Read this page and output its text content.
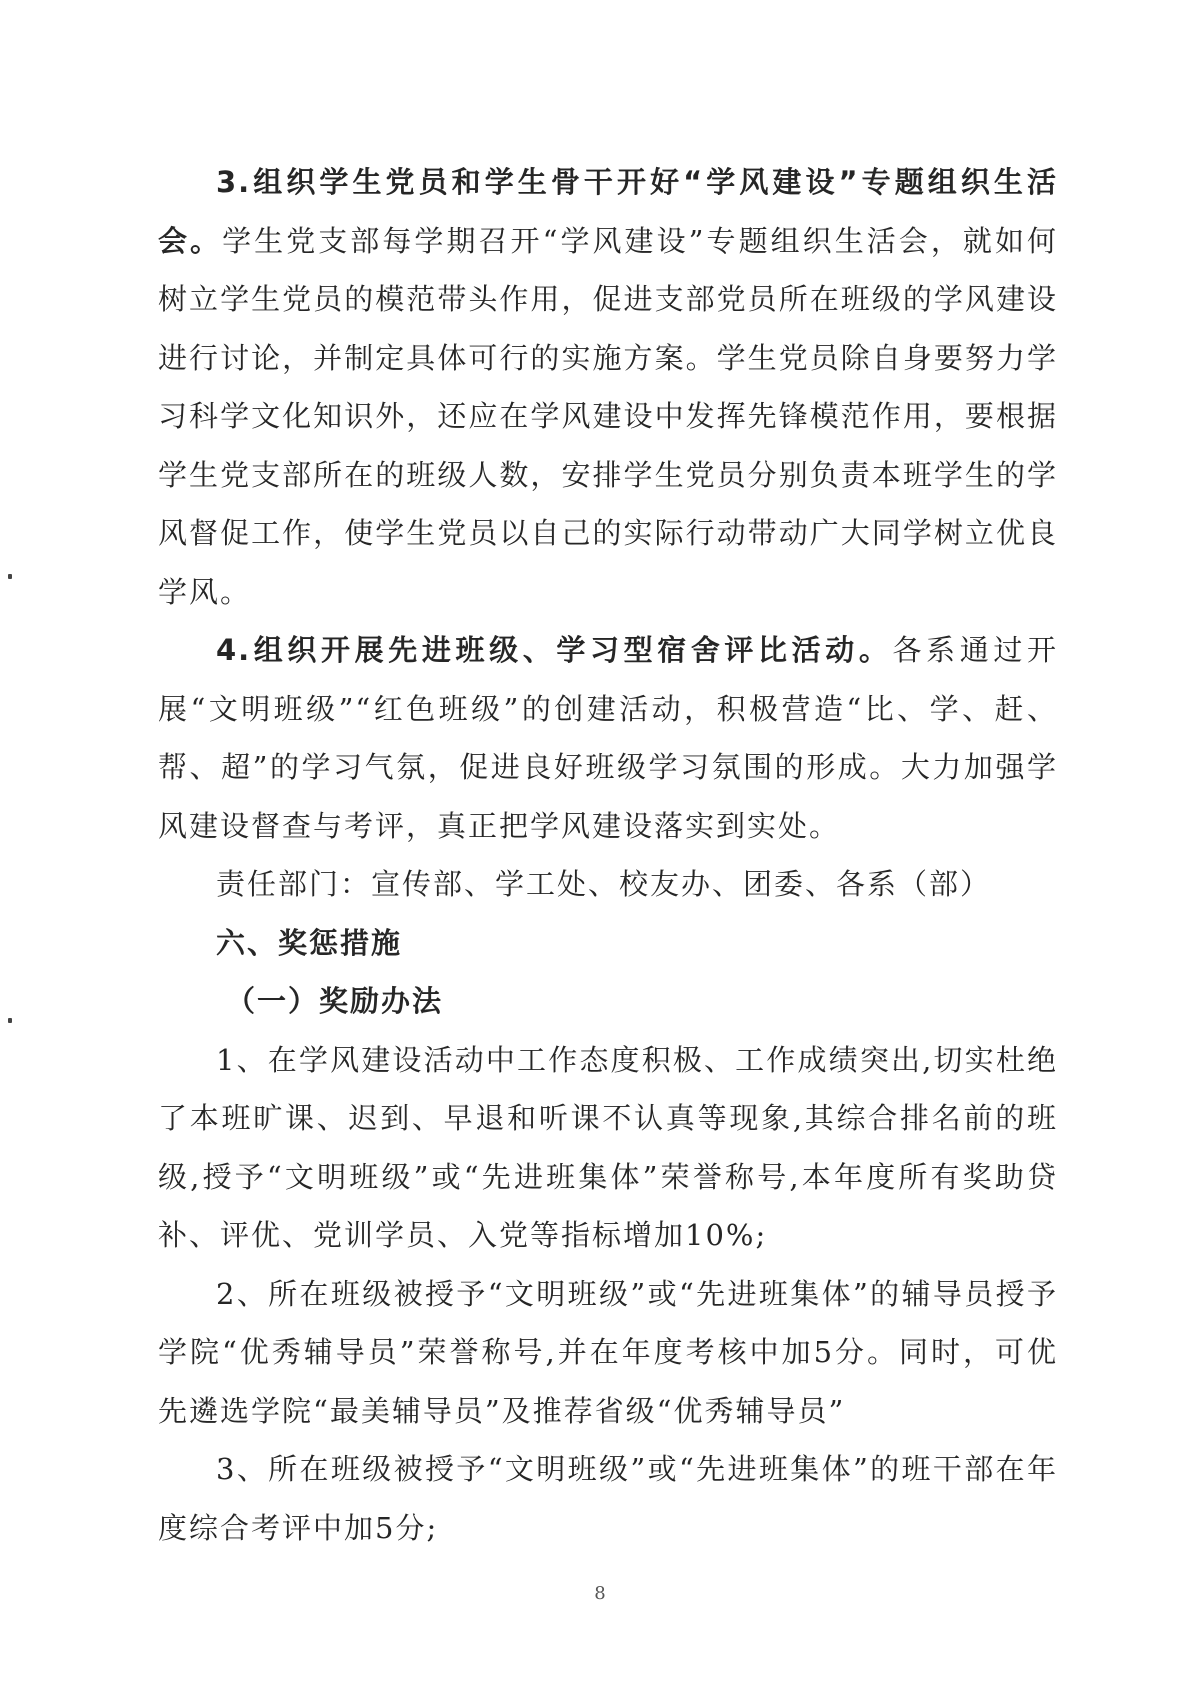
3.组织学生党员和学生骨干开好“学风建设”专题组织生活会。学生党支部每学期召开“学风建设”专题组织生活会，就如何树立学生党员的模范带头作用，促进支部党员所在班级的学风建设进行讨论，并制定具体可行的实施方案。学生党员除自身要努力学习科学文化知识外，还应在学风建设中发挥先锋模范作用，要根据学生党支部所在的班级人数，安排学生党员分别负责本班学生的学风督促工作，使学生党员以自己的实际行动带动广大同学树立优良学风。

4.组织开展先进班级、学习型宿舍评比活动。各系通过开展“文明班级”“红色班级”的创建活动，积极营造“比、学、赶、帮、超”的学习气氛，促进良好班级学习氛围的形成。大力加强学风建设督查与考评，真正把学风建设落实到实处。

责任部门：宣传部、学工处、校友办、团委、各系（部）

六、奖惩措施

（一）奖励办法

1、在学风建设活动中工作态度积极、工作成绩突出,切实杜绝了本班旷课、迟到、早退和听课不认真等现象,其综合排名前的班级,授予“文明班级”或“先进班集体”荣誉称号,本年度所有奖助贷补、评优、党训学员、入党等指标增加10%;

2、所在班级被授予“文明班级”或“先进班集体”的辅导员授予学院“优秀辅导员”荣誉称号,并在年度考核中加5分。同时，可优先遴选学院“最美辅导员”及推荐省级“优秀辅导员”

3、所在班级被授予“文明班级”或“先进班集体”的班干部在年度综合考评中加5分;

8
